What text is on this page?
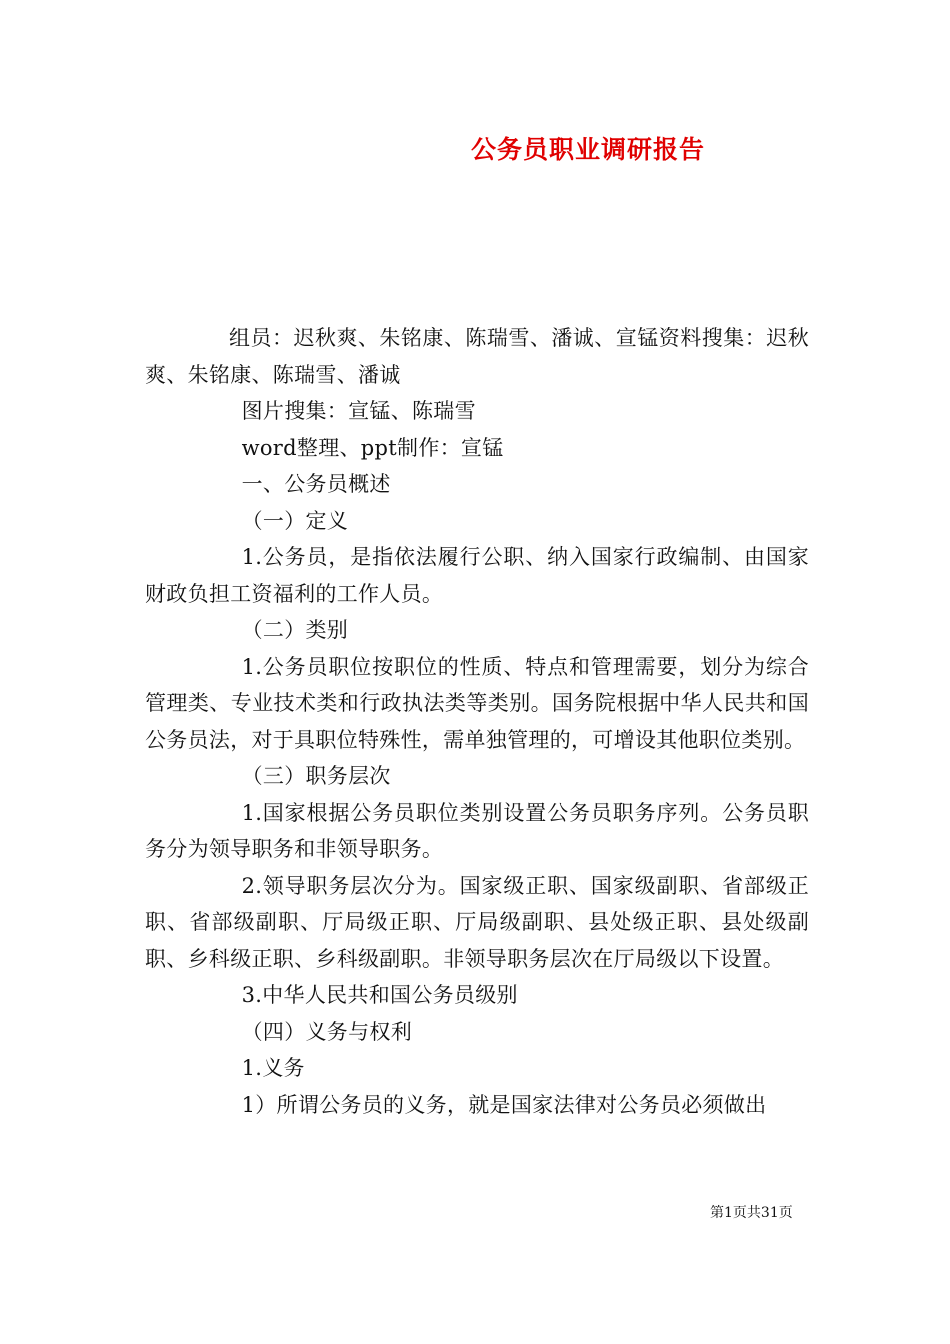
公务员职业调研报告

组员：迟秋爽、朱铭康、陈瑞雪、潘诚、宣锰资料搜集：迟秋爽、朱铭康、陈瑞雪、潘诚

图片搜集：宣锰、陈瑞雪

word整理、ppt制作：宣锰

一、公务员概述

（一）定义

1.公务员，是指依法履行公职、纳入国家行政编制、由国家财政负担工资福利的工作人员。

（二）类别

1.公务员职位按职位的性质、特点和管理需要，划分为综合管理类、专业技术类和行政执法类等类别。国务院根据中华人民共和国公务员法，对于具职位特殊性，需单独管理的，可增设其他职位类别。

（三）职务层次

1.国家根据公务员职位类别设置公务员职务序列。公务员职务分为领导职务和非领导职务。

2.领导职务层次分为。国家级正职、国家级副职、省部级正职、省部级副职、厅局级正职、厅局级副职、县处级正职、县处级副职、乡科级正职、乡科级副职。非领导职务层次在厅局级以下设置。

3.中华人民共和国公务员级别

（四）义务与权利

1.义务

1）所谓公务员的义务，就是国家法律对公务员必须做出

第1页共31页
